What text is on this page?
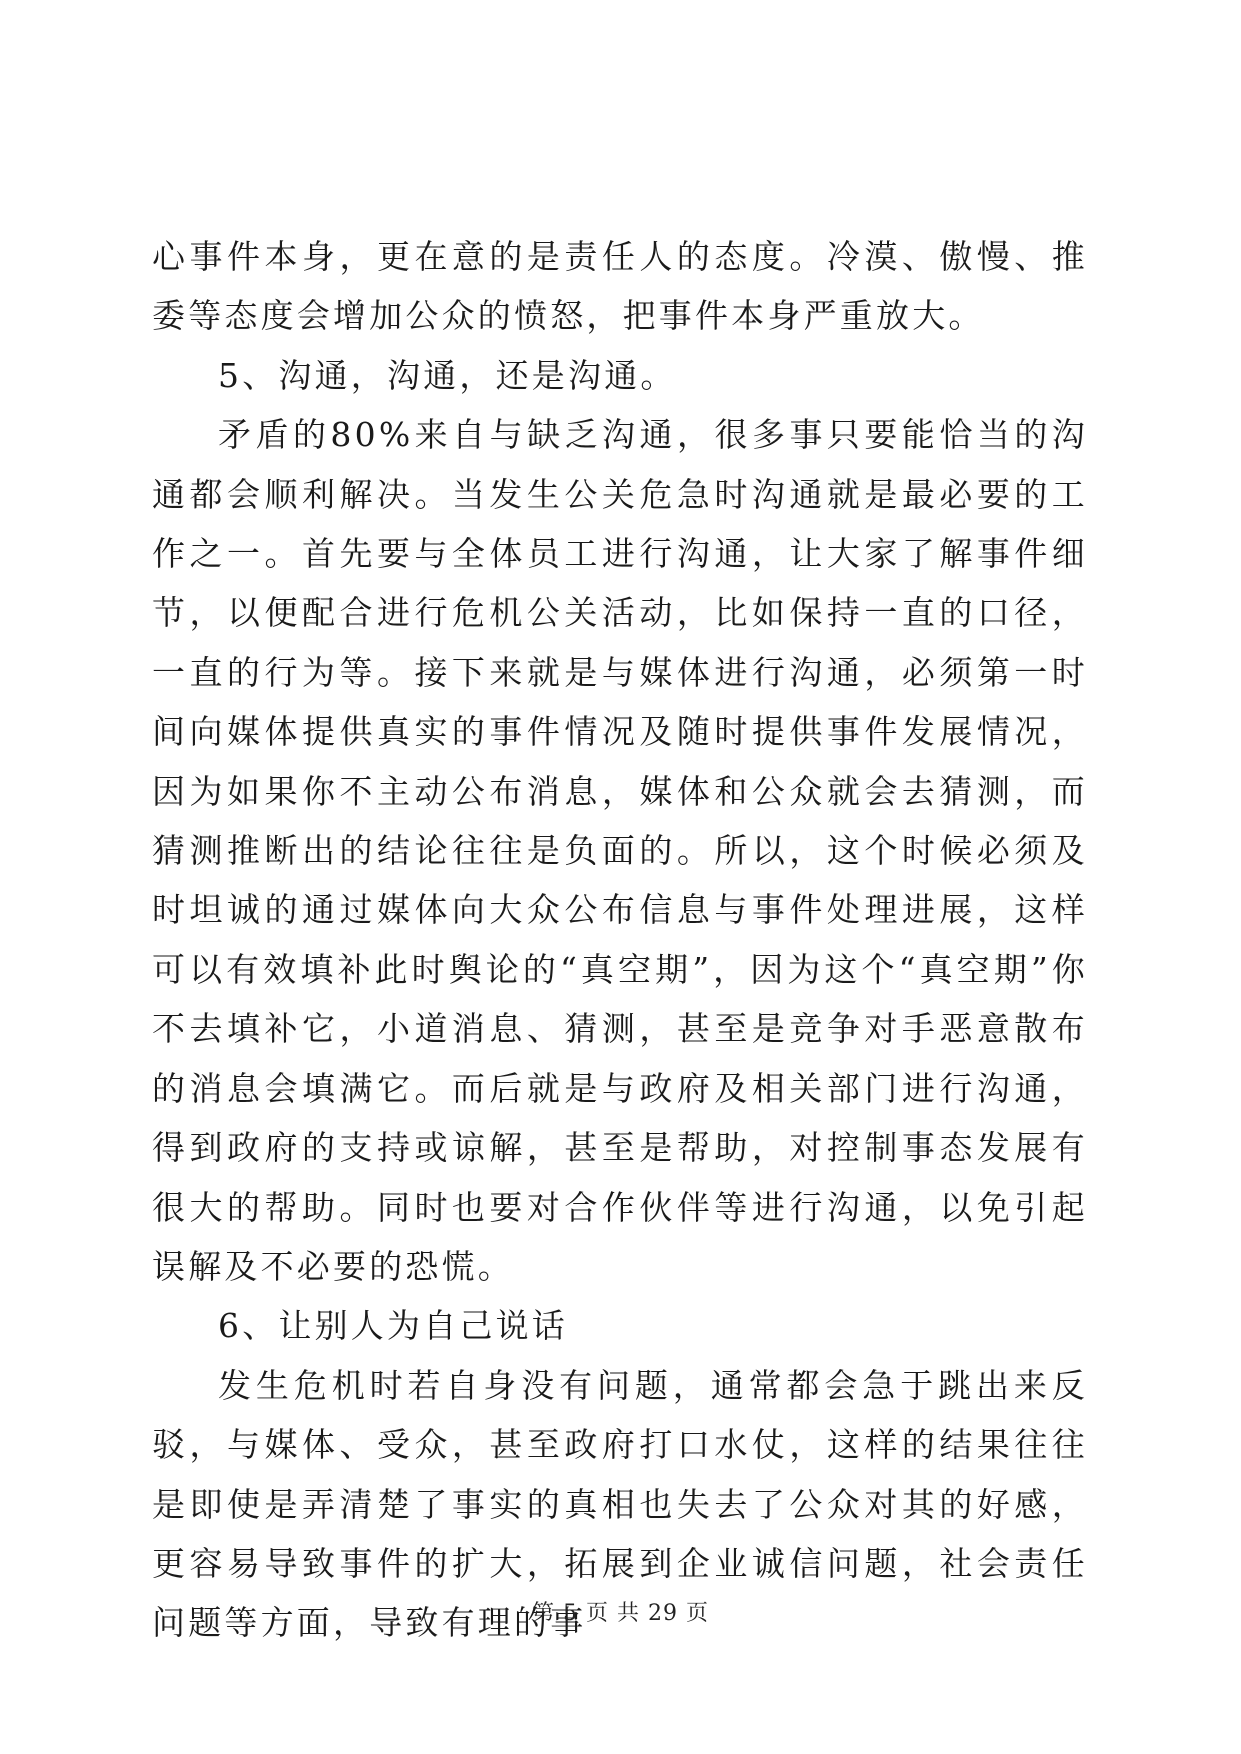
心事件本身，更在意的是责任人的态度。冷漠、傲慢、推委等态度会增加公众的愤怒，把事件本身严重放大。

5、沟通，沟通，还是沟通。

矛盾的80%来自与缺乏沟通，很多事只要能恰当的沟通都会顺利解决。当发生公关危急时沟通就是最必要的工作之一。首先要与全体员工进行沟通，让大家了解事件细节，以便配合进行危机公关活动，比如保持一直的口径，一直的行为等。接下来就是与媒体进行沟通，必须第一时间向媒体提供真实的事件情况及随时提供事件发展情况，因为如果你不主动公布消息，媒体和公众就会去猜测，而猜测推断出的结论往往是负面的。所以，这个时候必须及时坦诚的通过媒体向大众公布信息与事件处理进展，这样可以有效填补此时舆论的“真空期”，因为这个“真空期”你不去填补它，小道消息、猜测，甚至是竞争对手恶意散布的消息会填满它。而后就是与政府及相关部门进行沟通，得到政府的支持或谅解，甚至是帮助，对控制事态发展有很大的帮助。同时也要对合作伙伴等进行沟通，以免引起误解及不必要的恐慌。

6、让别人为自己说话

发生危机时若自身没有问题，通常都会急于跳出来反驳，与媒体、受众，甚至政府打口水仗，这样的结果往往是即使是弄清楚了事实的真相也失去了公众对其的好感，更容易导致事件的扩大，拓展到企业诚信问题，社会责任问题等方面，导致有理的事

第 5 页 共 29 页
